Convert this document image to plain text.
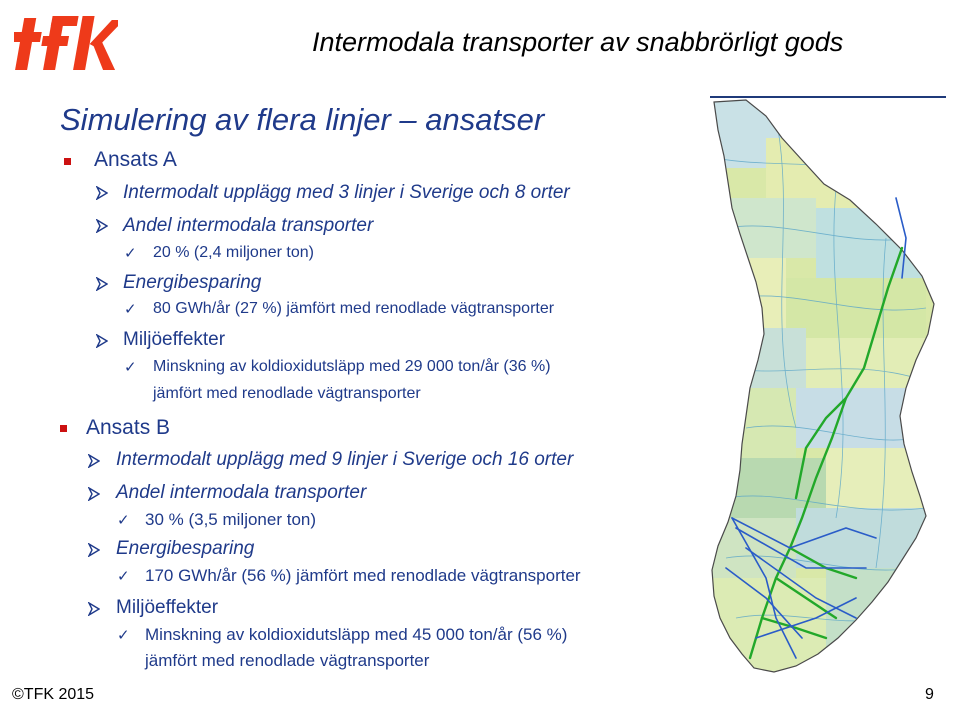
Intermodala transporter av snabbrörligt gods
Simulering av flera linjer – ansatser
Ansats A
Intermodalt upplägg med 3 linjer i Sverige och 8 orter
Andel intermodala transporter
✓ 20 % (2,4 miljoner ton)
Energibesparing
✓ 80 GWh/år (27 %) jämfört med renodlade vägtransporter
Miljöeffekter
✓ Minskning av koldioxidutsläpp med 29 000 ton/år (36 %)
jämfört med renodlade vägtransporter
Ansats B
Intermodalt upplägg med 9 linjer i Sverige och 16 orter
Andel intermodala transporter
✓ 30 % (3,5 miljoner ton)
Energibesparing
✓ 170 GWh/år (56 %) jämfört med renodlade vägtransporter
Miljöeffekter
✓ Minskning av koldioxidutsläpp med 45 000 ton/år (56 %)
jämfört med renodlade vägtransporter
©TFK 2015	9
